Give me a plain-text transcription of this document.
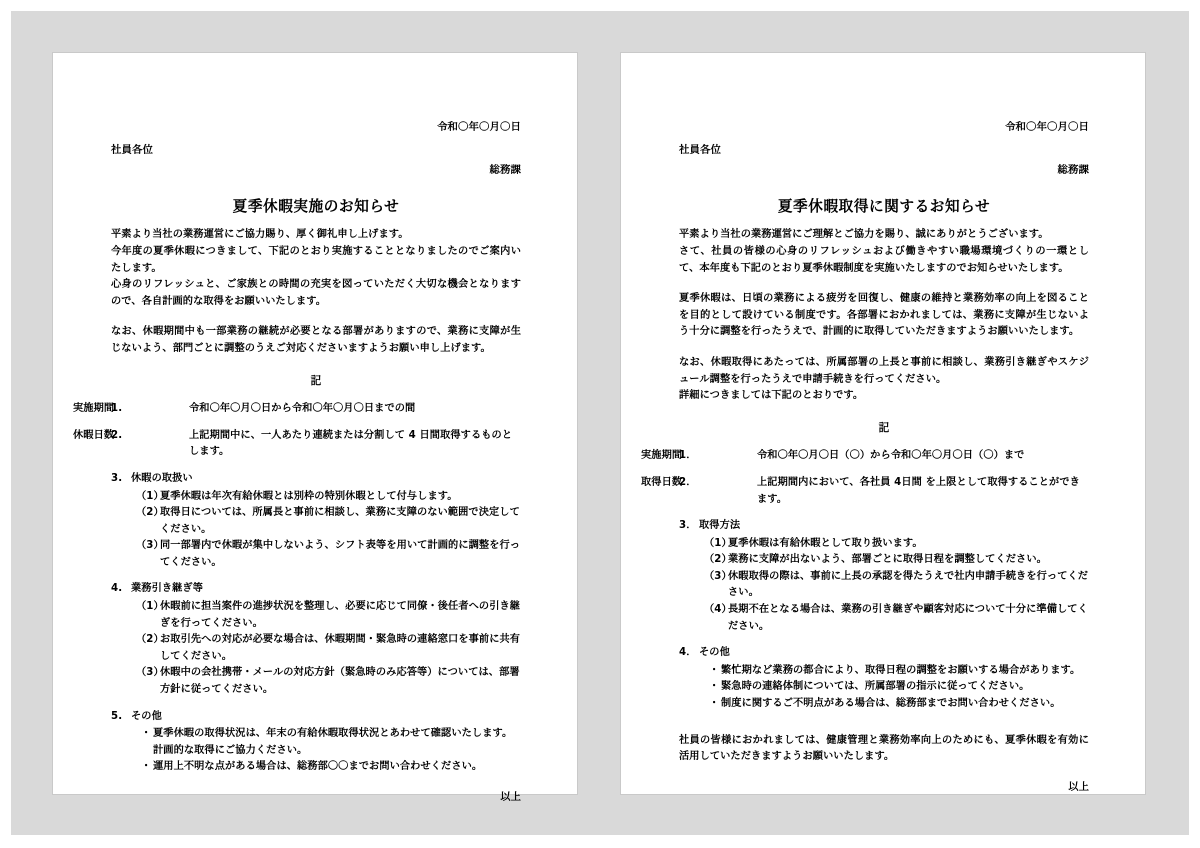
令和〇年〇月〇日
社員各位
総務課
夏季休暇実施のお知らせ

平素より当社の業務運営にご協力賜り、厚く御礼申し上げます。

今年度の夏季休暇につきまして、下記のとおり実施することとなりましたのでご案内いたします。

心身のリフレッシュと、ご家族との時間の充実を図っていただく大切な機会となりますので、各自計画的な取得をお願いいたします。

なお、休暇期間中も一部業務の継続が必要となる部署がありますので、業務に支障が生じないよう、部門ごとに調整のうえご対応くださいますようお願い申し上げます。

記
1.
実施期間	令和〇年〇月〇日から令和〇年〇月〇日までの間
2.
休暇日数	上記期間中に、一人あたり連続または分割して 4 日間取得するものとします。
3. 休暇の取扱い
（1）
夏季休暇は年次有給休暇とは別枠の特別休暇として付与します。
（2）
取得日については、所属長と事前に相談し、業務に支障のない範囲で決定してください。
（3）
同一部署内で休暇が集中しないよう、シフト表等を用いて計画的に調整を行ってください。
4. 業務引き継ぎ等
（1）
休暇前に担当案件の進捗状況を整理し、必要に応じて同僚・後任者への引き継ぎを行ってください。
（2）
お取引先への対応が必要な場合は、休暇期間・緊急時の連絡窓口を事前に共有してください。
（3）
休暇中の会社携帯・メールの対応方針（緊急時のみ応答等）については、部署方針に従ってください。
5. その他
・ 夏季休暇の取得状況は、年末の有給休暇取得状況とあわせて確認いたします。計画的な取得にご協力ください。
・ 運用上不明な点がある場合は、総務部〇〇までお問い合わせください。
以上
令和〇年〇月〇日
社員各位
総務課
夏季休暇取得に関するお知らせ

平素より当社の業務運営にご理解とご協力を賜り、誠にありがとうございます。

さて、社員の皆様の心身のリフレッシュおよび働きやすい職場環境づくりの一環として、本年度も下記のとおり夏季休暇制度を実施いたしますのでお知らせいたします。

夏季休暇は、日頃の業務による疲労を回復し、健康の維持と業務効率の向上を図ることを目的として設けている制度です。各部署におかれましては、業務に支障が生じないよう十分に調整を行ったうえで、計画的に取得していただきますようお願いいたします。

なお、休暇取得にあたっては、所属部署の上長と事前に相談し、業務引き継ぎやスケジュール調整を行ったうえで申請手続きを行ってください。

詳細につきましては下記のとおりです。

記
1．
実施期間	令和〇年〇月〇日（〇）から令和〇年〇月〇日（〇）まで
2．
取得日数	上記期間内において、各社員 4日間 を上限として取得することができます。
3． 取得方法
（1）
夏季休暇は有給休暇として取り扱います。
（2）
業務に支障が出ないよう、部署ごとに取得日程を調整してください。
（3）
休暇取得の際は、事前に上長の承認を得たうえで社内申請手続きを行ってください。
（4）
長期不在となる場合は、業務の引き継ぎや顧客対応について十分に準備してください。
4． その他
・ 繁忙期など業務の都合により、取得日程の調整をお願いする場合があります。
・ 緊急時の連絡体制については、所属部署の指示に従ってください。
・ 制度に関するご不明点がある場合は、総務部までお問い合わせください。

社員の皆様におかれましては、健康管理と業務効率向上のためにも、夏季休暇を有効に活用していただきますようお願いいたします。

以上
